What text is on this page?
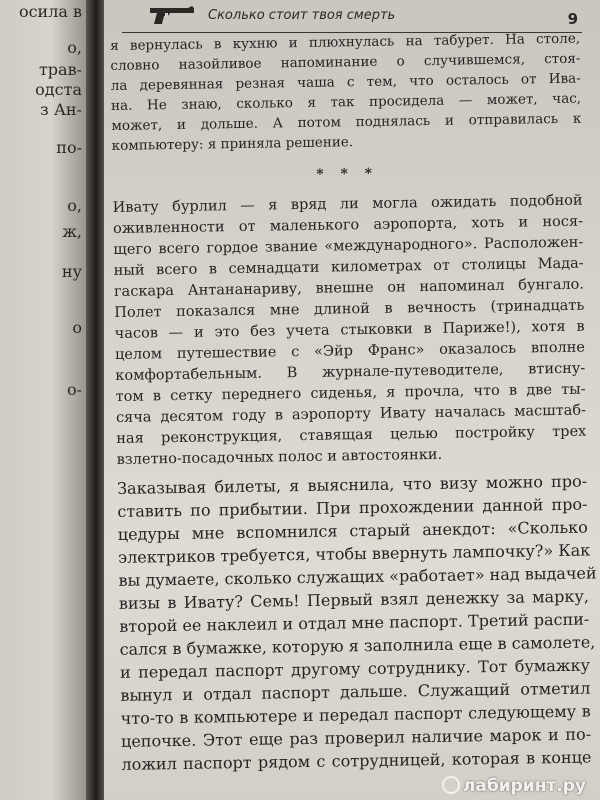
осила в
о,
трав-
одста
з Ан-
по-
о,
ж,
ну
о
о-
Сколько стоит твоя смерть	9
я вернулась в кухню и плюхнулась на табурет. На столе,
словно назойливое напоминание о случившемся, стоя-
ла деревянная резная чаша с тем, что осталось от Ива-
на. Не знаю, сколько я так просидела — может, час,
может, и дольше. А потом поднялась и отправилась к
компьютеру: я приняла решение.
* * *
Ивату бурлил — я вряд ли могла ожидать подобной
оживленности от маленького аэропорта, хоть и нося-
щего всего гордое звание «международного». Расположен-
ный всего в семнадцати километрах от столицы Мада-
гаскара Антананариву, внешне он напоминал бунгало.
Полет показался мне длиной в вечность (тринадцать
часов — и это без учета стыковки в Париже!), хотя в
целом путешествие с «Эйр Франс» оказалось вполне
комфортабельным. В журнале-путеводителе, втисну-
том в сетку переднего сиденья, я прочла, что в две ты-
сяча десятом году в аэропорту Ивату началась масштаб-
ная реконструкция, ставящая целью постройку трех
взлетно-посадочных полос и автостоянки.
Заказывая билеты, я выяснила, что визу можно про-
ставить по прибытии. При прохождении данной про-
цедуры мне вспомнился старый анекдот: «Сколько
электриков требуется, чтобы ввернуть лампочку?» Как
вы думаете, сколько служащих «работает» над выдачей
визы в Ивату? Семь! Первый взял денежку за марку,
второй ее наклеил и отдал мне паспорт. Третий распи-
сался в бумажке, которую я заполнила еще в самолете,
и передал паспорт другому сотруднику. Тот бумажку
вынул и отдал паспорт дальше. Служащий отметил
что-то в компьютере и передал паспорт следующему в
цепочке. Этот еще раз проверил наличие марок и по-
ложил паспорт рядом с сотрудницей, которая в конце
лабиринт.ру
